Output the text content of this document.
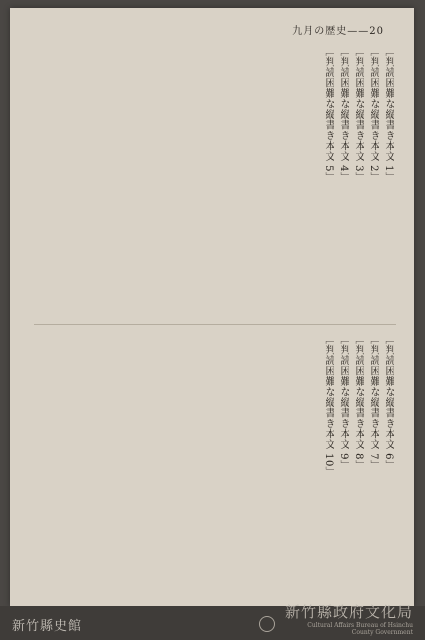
九月の歴史——20
［判読困難な縦書き本文 1］
［判読困難な縦書き本文 2］
［判読困難な縦書き本文 3］
［判読困難な縦書き本文 4］
［判読困難な縦書き本文 5］
［判読困難な縦書き本文 6］
［判読困難な縦書き本文 7］
［判読困難な縦書き本文 8］
［判読困難な縦書き本文 9］
［判読困難な縦書き本文 10］
新竹縣史館
新竹縣政府文化局
Cultural Affairs Bureau of Hsinchu
County Government
